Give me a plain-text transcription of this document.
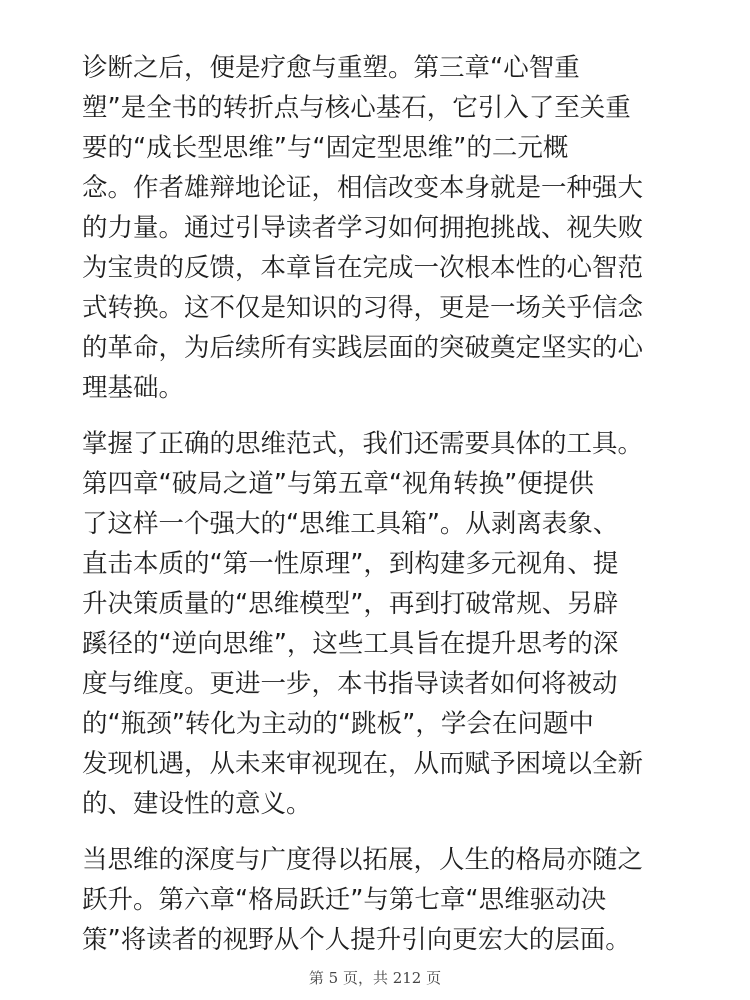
诊断之后，便是疗愈与重塑。第三章“心智重
塑”是全书的转折点与核心基石，它引入了至关重
要的“成长型思维”与“固定型思维”的二元概
念。作者雄辩地论证，相信改变本身就是一种强大
的力量。通过引导读者学习如何拥抱挑战、视失败
为宝贵的反馈，本章旨在完成一次根本性的心智范
式转换。这不仅是知识的习得，更是一场关乎信念
的革命，为后续所有实践层面的突破奠定坚实的心
理基础。

掌握了正确的思维范式，我们还需要具体的工具。
第四章“破局之道”与第五章“视角转换”便提供
了这样一个强大的“思维工具箱”。从剥离表象、
直击本质的“第一性原理”，到构建多元视角、提
升决策质量的“思维模型”，再到打破常规、另辟
蹊径的“逆向思维”，这些工具旨在提升思考的深
度与维度。更进一步，本书指导读者如何将被动
的“瓶颈”转化为主动的“跳板”，学会在问题中
发现机遇，从未来审视现在，从而赋予困境以全新
的、建设性的意义。

当思维的深度与广度得以拓展，人生的格局亦随之
跃升。第六章“格局跃迁”与第七章“思维驱动决
策”将读者的视野从个人提升引向更宏大的层面。

第 5 页，共 212 页
